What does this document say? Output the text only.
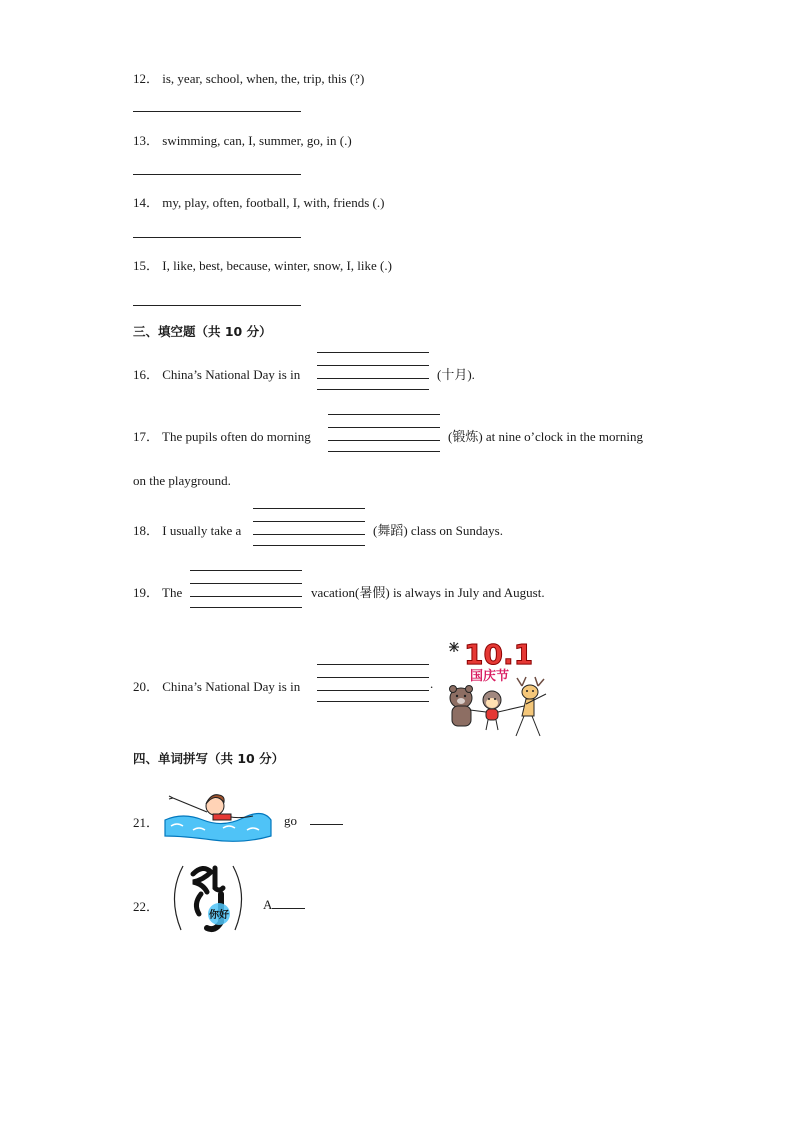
12． is, year, school, when, the, trip, this (?)
13． swimming, can, I, summer, go, in (.)
14． my, play, often, football, I, with, friends (.)
15． I, like, best, because, winter, snow, I, like (.)
三、填空题（共 10 分）
16． China’s National Day is in	(十月).
17． The pupils often do morning	(锻炼) at nine o’clock in the morning
on the playground.
18． I usually take a	(舞蹈) class on Sundays.
19． The	vacation(暑假) is always in July and August.
20． China’s National Day is in	.
10.1
国庆节
四、单词拼写（共 10 分）
21．	go
22．
你好
A
